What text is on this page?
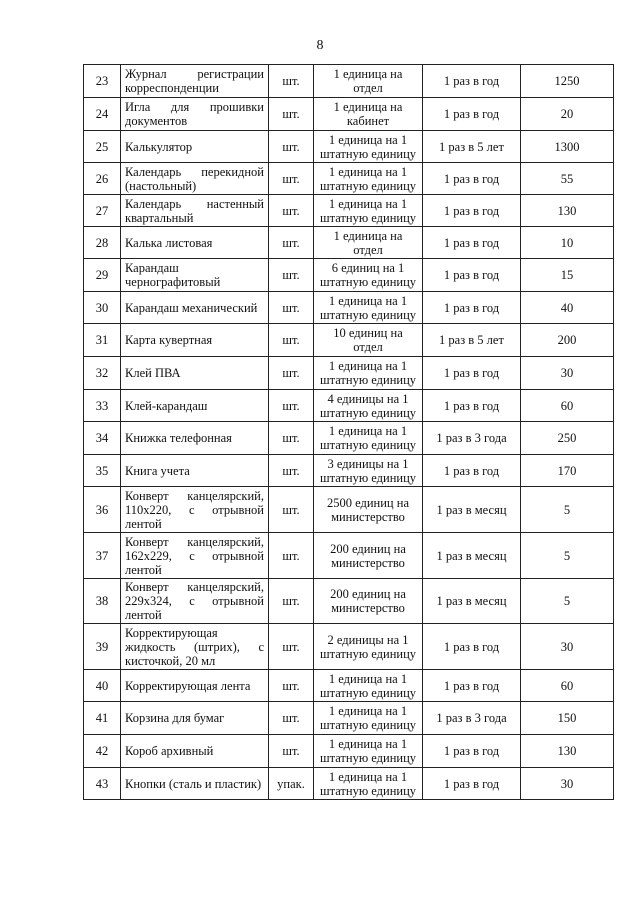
8
23	Журнал регистрации корреспонденции	шт.	1 единица на отдел	1 раз в год	1250
24	Игла для прошивки документов	шт.	1 единица на кабинет	1 раз в год	20
25	Калькулятор	шт.	1 единица на 1 штатную единицу	1 раз в 5 лет	1300
26	Календарь перекидной (настольный)	шт.	1 единица на 1 штатную единицу	1 раз в год	55
27	Календарь настенный квартальный	шт.	1 единица на 1 штатную единицу	1 раз в год	130
28	Калька листовая	шт.	1 единица на отдел	1 раз в год	10
29	Карандаш чернографитовый	шт.	6 единиц на 1 штатную единицу	1 раз в год	15
30	Карандаш механический	шт.	1 единица на 1 штатную единицу	1 раз в год	40
31	Карта кувертная	шт.	10 единиц на отдел	1 раз в 5 лет	200
32	Клей ПВА	шт.	1 единица на 1 штатную единицу	1 раз в год	30
33	Клей-карандаш	шт.	4 единицы на 1 штатную единицу	1 раз в год	60
34	Книжка телефонная	шт.	1 единица на 1 штатную единицу	1 раз в 3 года	250
35	Книга учета	шт.	3 единицы на 1 штатную единицу	1 раз в год	170
36	Конверт канцелярский, 110x220, с отрывной лентой	шт.	2500 единиц на министерство	1 раз в месяц	5
37	Конверт канцелярский, 162x229, с отрывной лентой	шт.	200 единиц на министерство	1 раз в месяц	5
38	Конверт канцелярский, 229x324, с отрывной лентой	шт.	200 единиц на министерство	1 раз в месяц	5
39	Корректирующая жидкость (штрих), с кисточкой, 20 мл	шт.	2 единицы на 1 штатную единицу	1 раз в год	30
40	Корректирующая лента	шт.	1 единица на 1 штатную единицу	1 раз в год	60
41	Корзина для бумаг	шт.	1 единица на 1 штатную единицу	1 раз в 3 года	150
42	Короб архивный	шт.	1 единица на 1 штатную единицу	1 раз в год	130
43	Кнопки (сталь и пластик)	упак.	1 единица на 1 штатную единицу	1 раз в год	30
